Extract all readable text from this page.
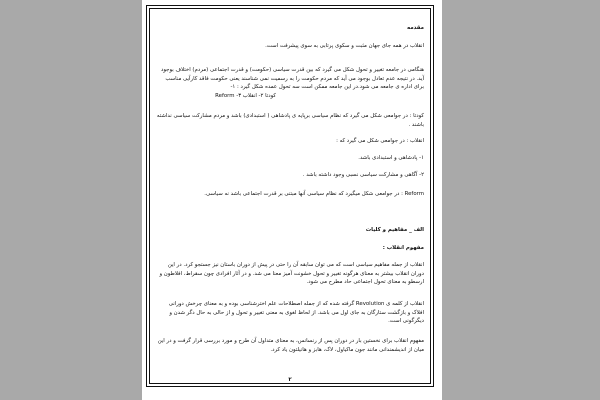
مقدمه

انقلاب در همه جای جهان مثبت و سکوی پرتابی به سوی پیشرفت است.

هنگامی در جامعه تغییر و تحول شکل می گیرد که بین قدرت سیاسی (حکومت) و قدرت اجتماعی (مردم) اختلاف بوجود آید. در نتیجه عدم تعادل بوجود می آید که مردم حکومت را به رسمیت نمی شناسند یعنی حکومت فاقد کارآیی مناسب برای اداره ی جامعه می شود.در این جامعه ممکن است سه تحول عمده شکل گیرد : ۱-

کودتا ۲- انقلاب ۳- Reform

کودتا : در جوامعی شکل می گیرد که نظام سیاسی برپایه ی پادشاهی ( استبدادی) باشد و مردم مشارکت سیاسی نداشته باشند .

انقلاب : در جوامعی شکل می گیرد که :

۱- پادشاهی و استبدادی باشد.

۲- آگاهی و مشارکت سیاسی نسبی وجود داشته باشد .

Reform : در جوامعی شکل میگیرد که نظام سیاسی آنها مبتنی بر قدرت اجتماعی باشد نه سیاسی.

الف _ مفاهیم و کلیات

مفهوم انقلاب :

انقلاب از جمله مفاهیم سیاسی است که می توان سابقه آن را حتی در پیش از دوران باستان نیز جستجو کرد. در این دوران انقلاب بیشتر به معنای هرگونه تغییر و تحول خشونت آمیز معنا می شد. و در آثار افرادی چون سقراط، افلاطون و ارسطو به معنای تحول اجتماعی حاد مطرح می شود.

انقلاب از کلمه ی Revolution گرفته شده که از جمله اصطلاحات علم اخترشناسی بوده و به معنای چرخش دورانی افلاک و بازگشت ستارگان به جای اول می باشد. از لحاظ لغوی به معنی تغییر و تحول و از حالی به حال دگر شدن و دیگرگونی است.

مفهوم انقلاب برای نخستین بار در دوران پس از رنسانس، به معنای متداول آن طرح و مورد بررسی قرار گرفت و در این میان از اندیشمندانی مانند جون ماکیاول، لاک، هابز و هانیلتون یاد کرد.

۲
